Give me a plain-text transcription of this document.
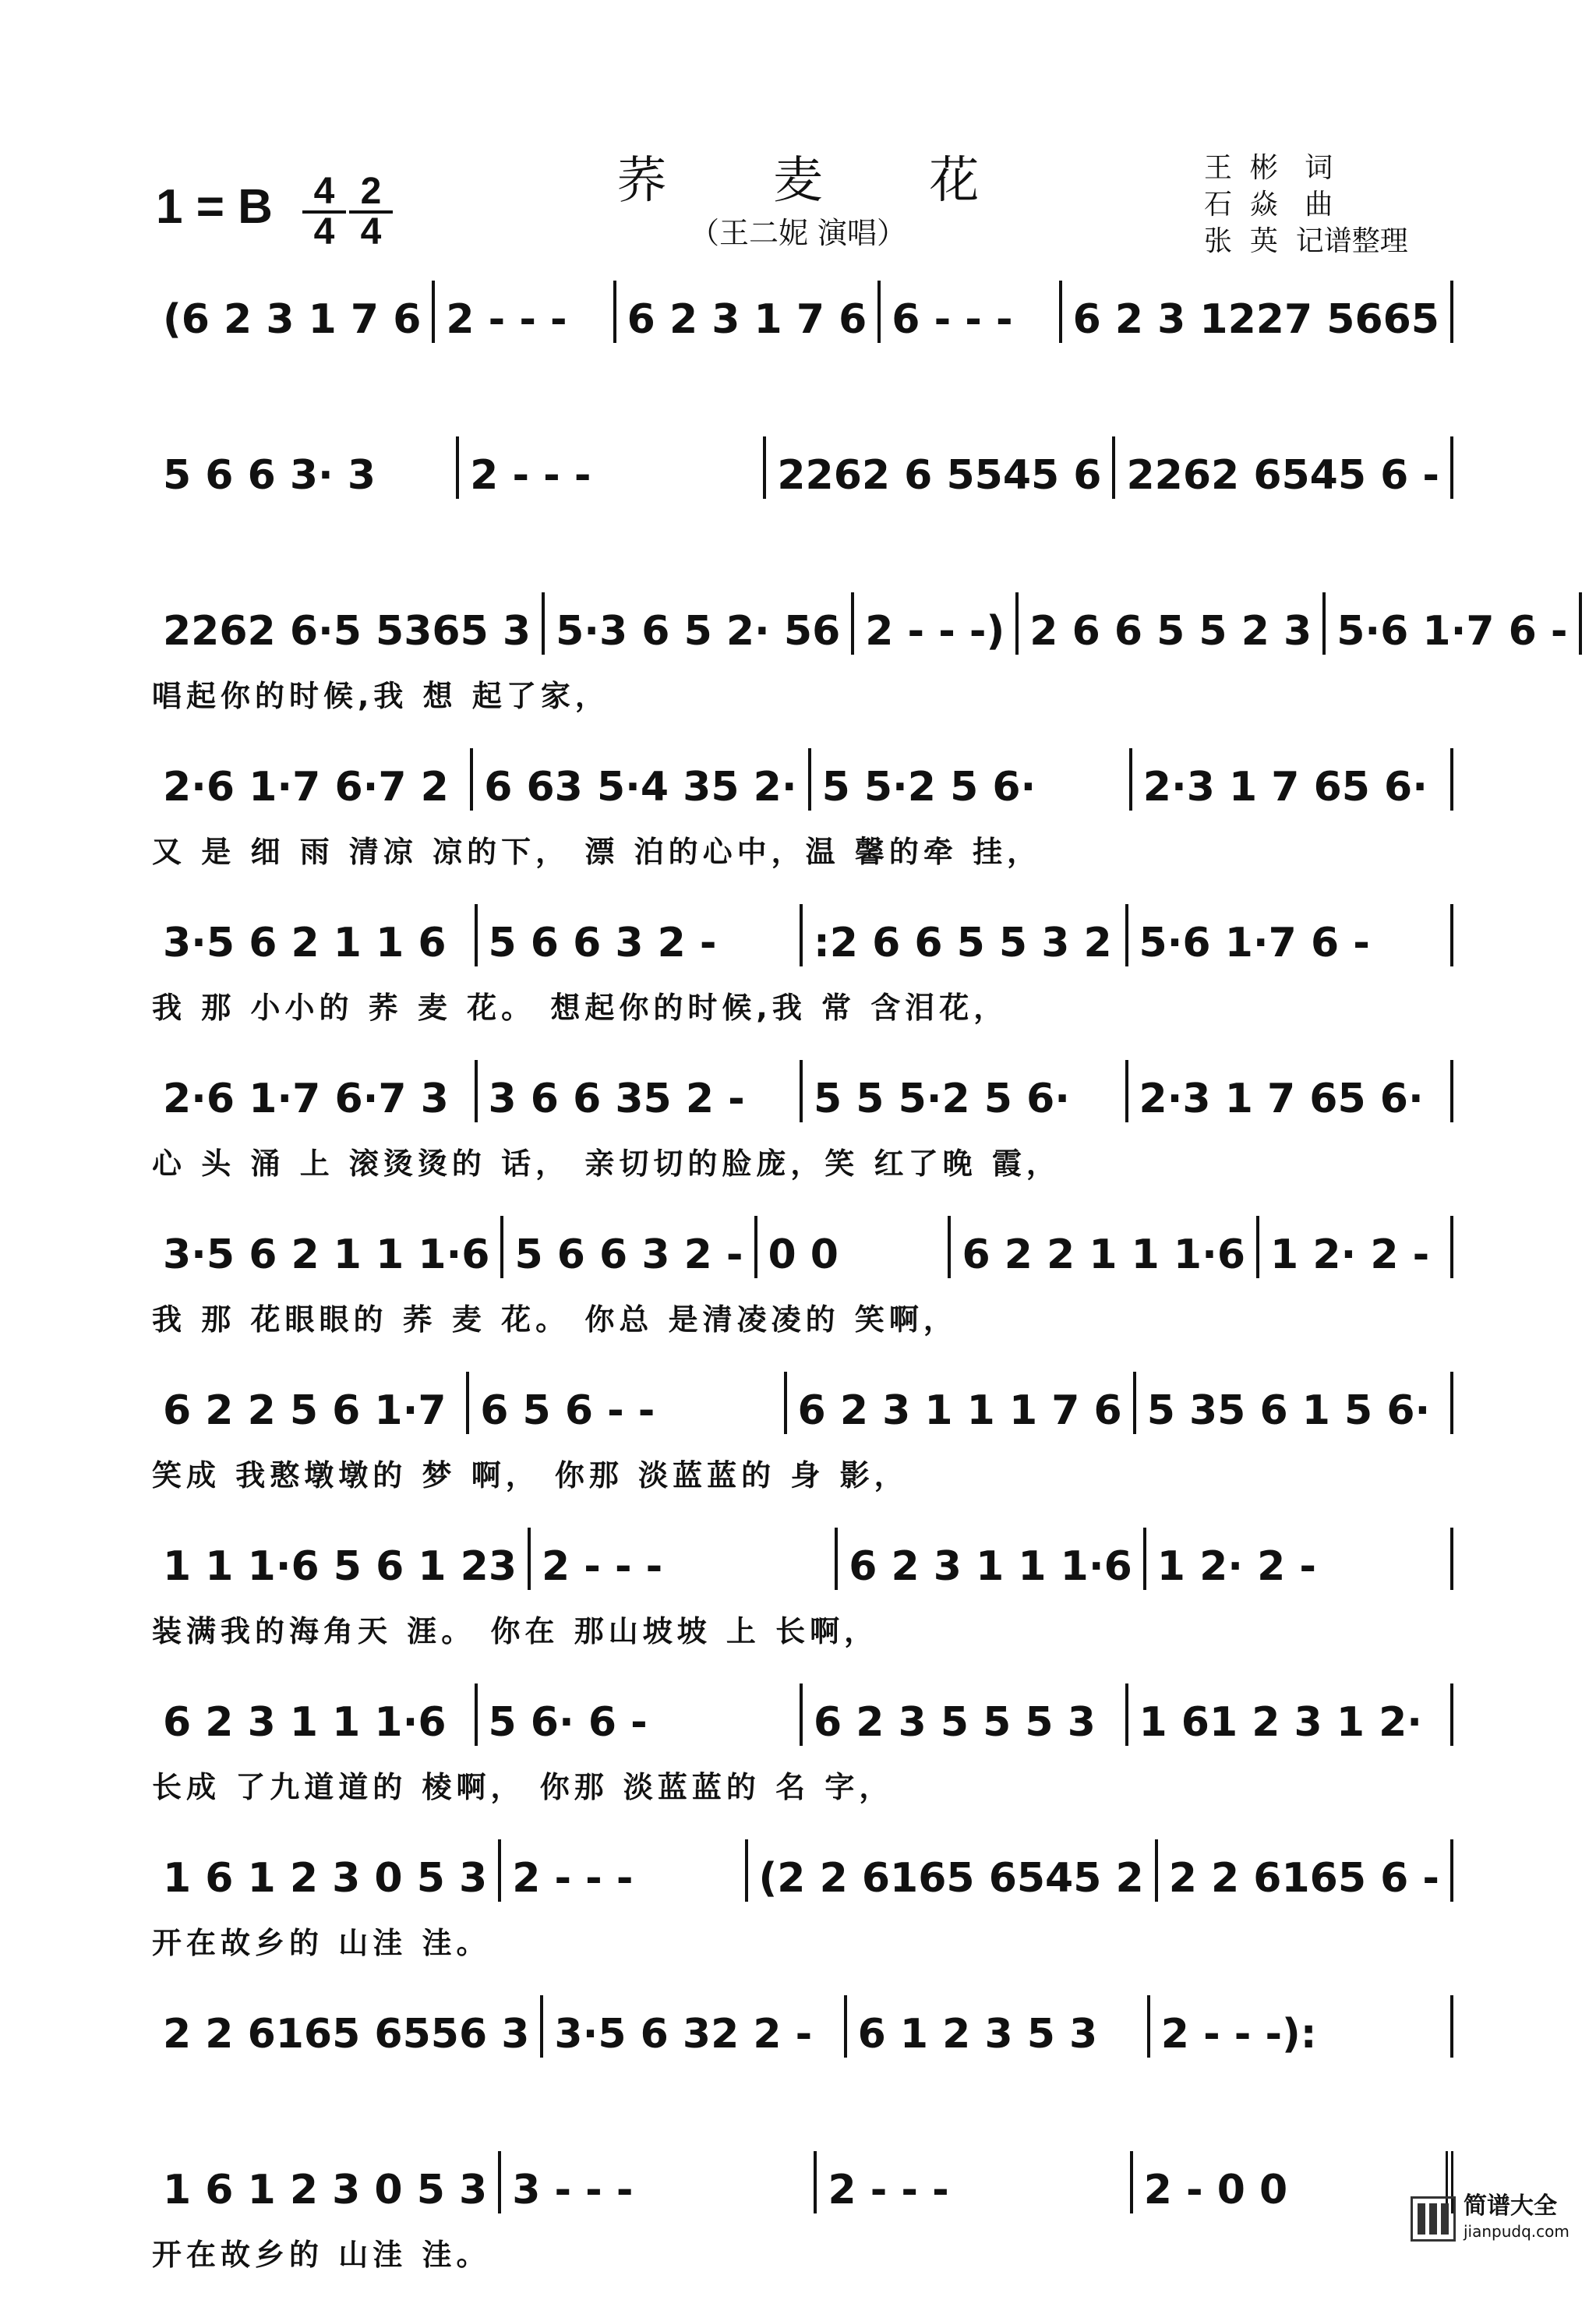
1 = B	4
4
2
4
荞 麦 花
（王二妮 演唱）
王  彬   词
石  焱   曲
张  英  记谱整理
(6 2 3 1 7 6 2 - - -	6 2 3 1 7 6 6 - - -	6 2 3 1227 5665
5 6 6 3· 3	2 - - -	2262 6 5545 6 2262 6545 6 -
2262 6·5 5365 3 5·3 6 5 2· 56 2 - - -) 2 6 6 5 5 2 3 5·6 1·7 6 -
唱起你的时候,我 想 起了家，
2·6 1·7 6·7 2 6 63 5·4 35 2· 5 5·2 5 6·	2·3 1 7 65 6·
又 是 细 雨 清凉 凉的下， 漂 泊的心中，温 馨的牵 挂，
3·5 6 2 1 1 6	5 6 6 3 2 -	:2 6 6 5 5 3 2 5·6 1·7 6 -
我 那 小小的 荞 麦 花。 想起你的时候,我 常 含泪花，
2·6 1·7 6·7 3 3 6 6 35 2 -	5 5 5·2 5 6·	2·3 1 7 65 6·
心 头 涌 上 滚烫烫的 话， 亲切切的脸庞，笑 红了晚 霞，
3·5 6 2 1 1 1·6 5 6 6 3 2 - 0 0	6 2 2 1 1 1·6 1 2· 2 -
我 那 花眼眼的 荞 麦 花。 你总 是清凌凌的 笑啊，
6 2 2 5 6 1·7 6 5 6 - -	6 2 3 1 1 1 7 6 5 35 6 1 5 6·
笑成 我憨墩墩的 梦 啊， 你那 淡蓝蓝的 身 影，
1 1 1·6 5 6 1 23 2 - - -	6 2 3 1 1 1·6 1 2· 2 -
装满我的海角天 涯。 你在 那山坡坡 上 长啊，
6 2 3 1 1 1·6	5 6· 6 -	6 2 3 5 5 5 3	1 61 2 3 1 2·
长成 了九道道的 棱啊， 你那 淡蓝蓝的 名 字，
1 6 1 2 3 0 5 3 2 - - -	(2 2 6165 6545 2 2 2 6165 6 -
开在故乡的 山洼 洼。
2 2 6165 6556 3 3·5 6 32 2 -	6 1 2 3 5 3	2 - - -):
1 6 1 2 3 0 5 3 3 - - -	2 - - -	2 - 0 0
开在故乡的 山洼 洼。
简谱大全
jianpudq.com
